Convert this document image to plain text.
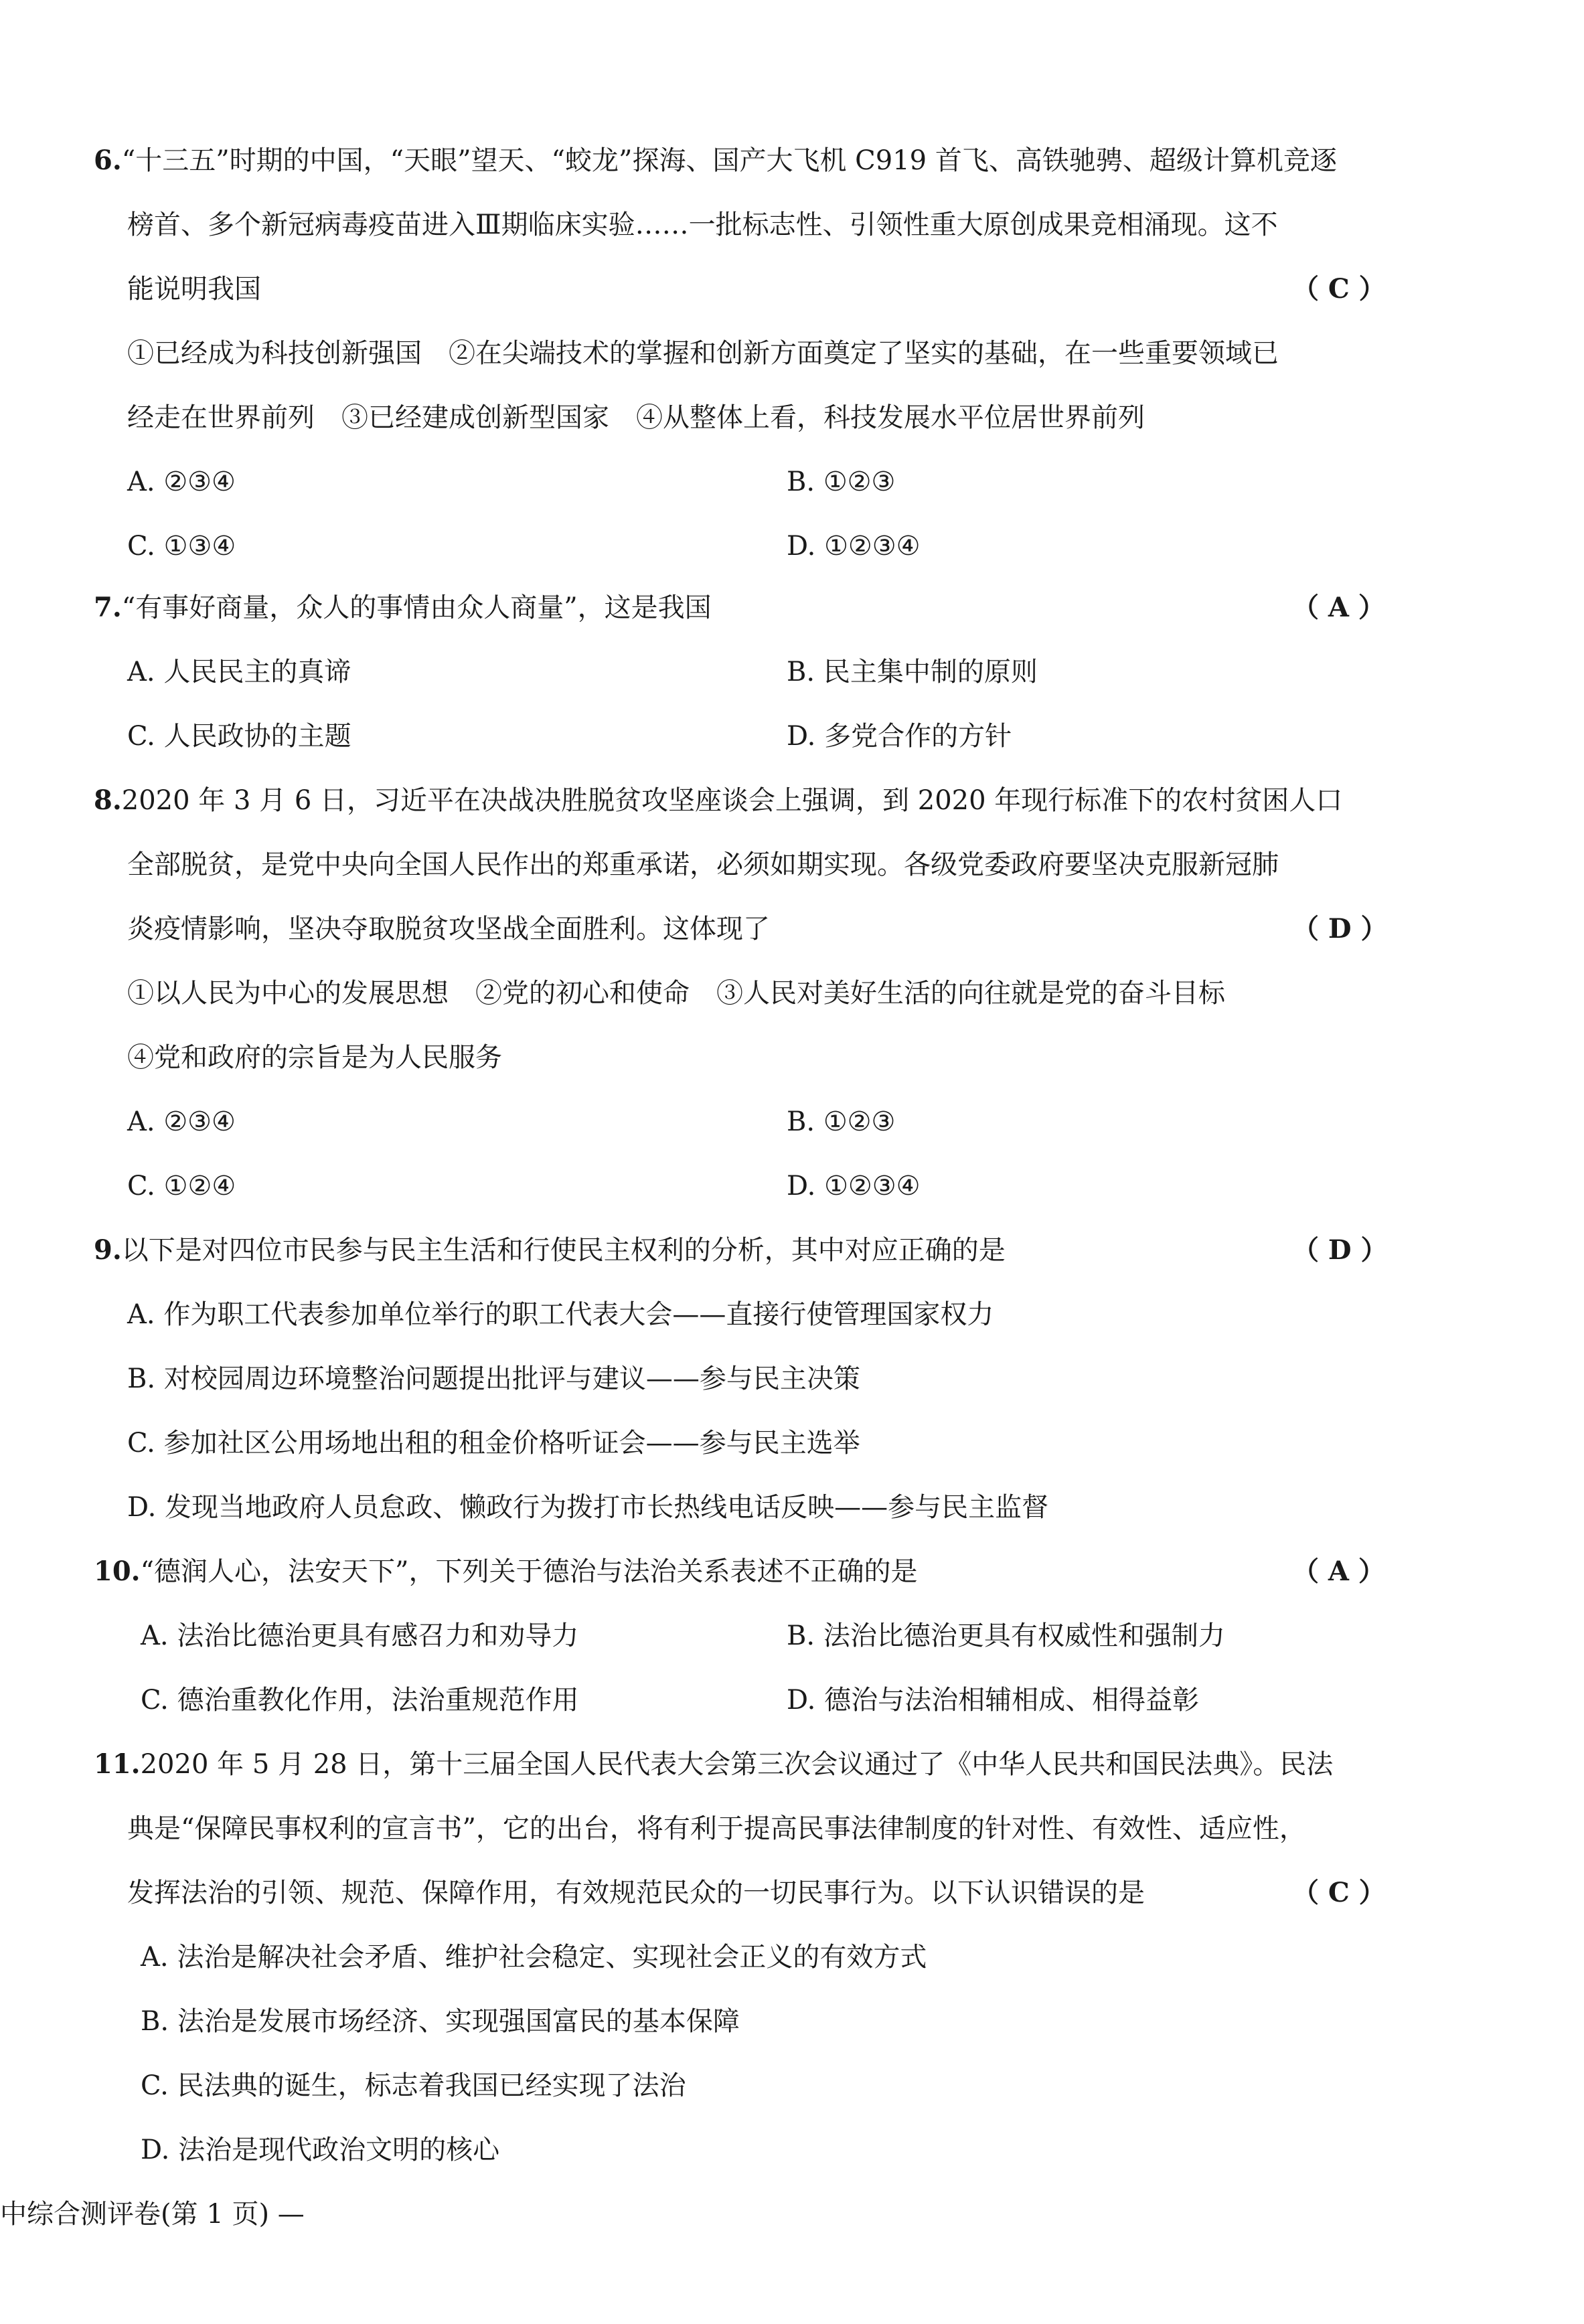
6.“十三五”时期的中国，“天眼”望天、“蛟龙”探海、国产大飞机 C919 首飞、高铁驰骋、超级计算机竞逐
榜首、多个新冠病毒疫苗进入Ⅲ期临床实验……一批标志性、引领性重大原创成果竞相涌现。这不
能说明我国	（ C ）
①已经成为科技创新强国　②在尖端技术的掌握和创新方面奠定了坚实的基础，在一些重要领域已
经走在世界前列　③已经建成创新型国家　④从整体上看，科技发展水平位居世界前列
A. ②③④	B. ①②③
C. ①③④	D. ①②③④
7.“有事好商量，众人的事情由众人商量”，这是我国	（ A ）
A. 人民民主的真谛	B. 民主集中制的原则
C. 人民政协的主题	D. 多党合作的方针
8.2020 年 3 月 6 日，习近平在决战决胜脱贫攻坚座谈会上强调，到 2020 年现行标准下的农村贫困人口
全部脱贫，是党中央向全国人民作出的郑重承诺，必须如期实现。各级党委政府要坚决克服新冠肺
炎疫情影响，坚决夺取脱贫攻坚战全面胜利。这体现了	（ D ）
①以人民为中心的发展思想　②党的初心和使命　③人民对美好生活的向往就是党的奋斗目标
④党和政府的宗旨是为人民服务
A. ②③④	B. ①②③
C. ①②④	D. ①②③④
9.以下是对四位市民参与民主生活和行使民主权利的分析，其中对应正确的是	（ D ）
A. 作为职工代表参加单位举行的职工代表大会——直接行使管理国家权力
B. 对校园周边环境整治问题提出批评与建议——参与民主决策
C. 参加社区公用场地出租的租金价格听证会——参与民主选举
D. 发现当地政府人员怠政、懒政行为拨打市长热线电话反映——参与民主监督
10.“德润人心，法安天下”，下列关于德治与法治关系表述不正确的是	（ A ）
A. 法治比德治更具有感召力和劝导力	B. 法治比德治更具有权威性和强制力
C. 德治重教化作用，法治重规范作用	D. 德治与法治相辅相成、相得益彰
11.2020 年 5 月 28 日，第十三届全国人民代表大会第三次会议通过了《中华人民共和国民法典》。民法
典是“保障民事权利的宣言书”，它的出台，将有利于提高民事法律制度的针对性、有效性、适应性，
发挥法治的引领、规范、保障作用，有效规范民众的一切民事行为。以下认识错误的是	（ C ）
A. 法治是解决社会矛盾、维护社会稳定、实现社会正义的有效方式
B. 法治是发展市场经济、实现强国富民的基本保障
C. 民法典的诞生，标志着我国已经实现了法治
D. 法治是现代政治文明的核心
中综合测评卷(第 1 页) —
